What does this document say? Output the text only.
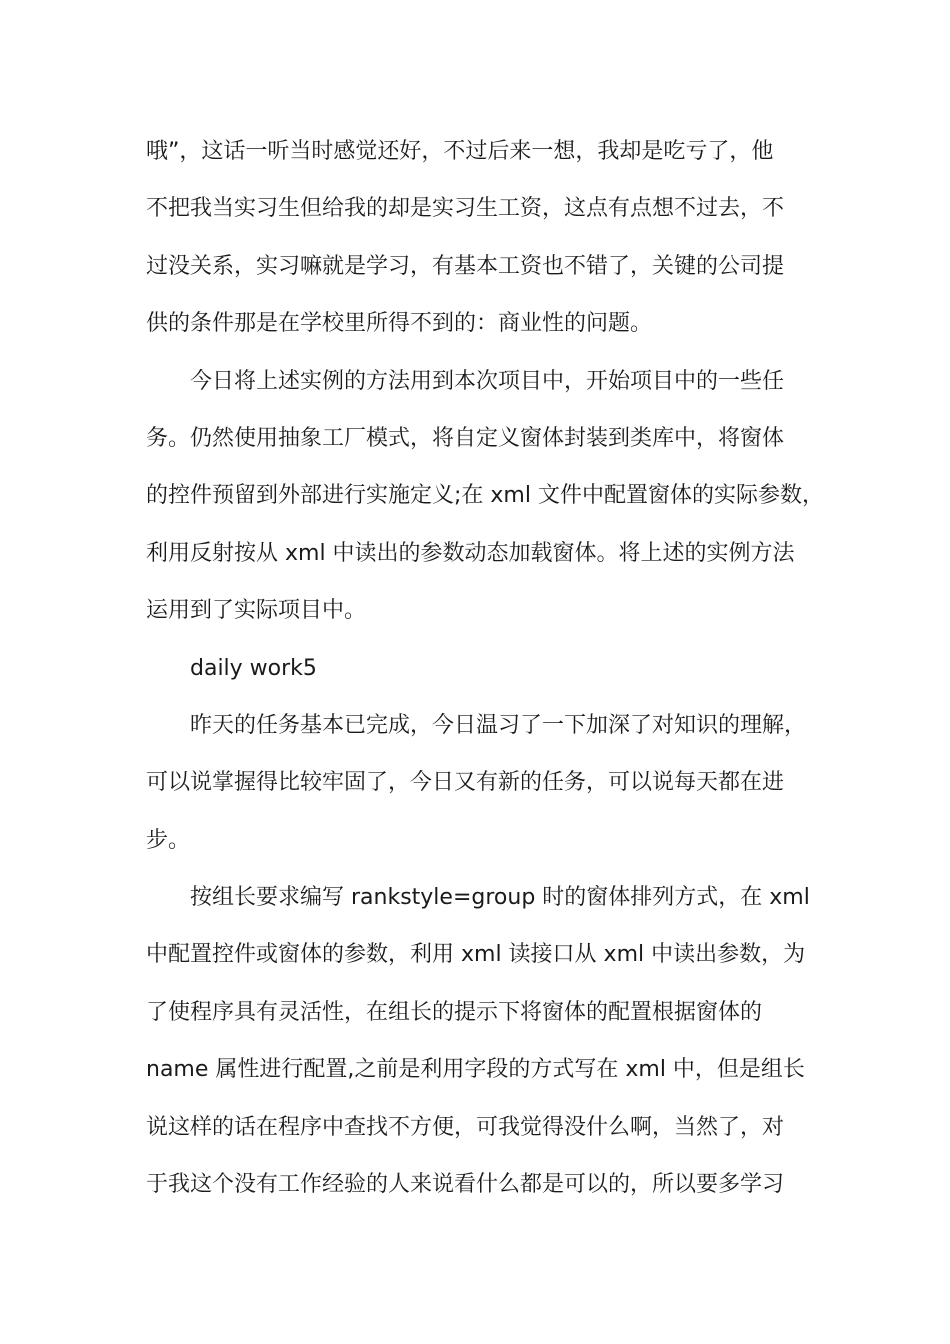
哦”，这话一听当时感觉还好，不过后来一想，我却是吃亏了，他
不把我当实习生但给我的却是实习生工资，这点有点想不过去，不
过没关系，实习嘛就是学习，有基本工资也不错了，关键的公司提
供的条件那是在学校里所得不到的：商业性的问题。
今日将上述实例的方法用到本次项目中，开始项目中的一些任
务。仍然使用抽象工厂模式，将自定义窗体封装到类库中，将窗体
的控件预留到外部进行实施定义;在 xml 文件中配置窗体的实际参数，
利用反射按从 xml 中读出的参数动态加载窗体。将上述的实例方法
运用到了实际项目中。
daily work5
昨天的任务基本已完成，今日温习了一下加深了对知识的理解，
可以说掌握得比较牢固了，今日又有新的任务，可以说每天都在进
步。
按组长要求编写 rankstyle=group 时的窗体排列方式，在 xml
中配置控件或窗体的参数，利用 xml 读接口从 xml 中读出参数，为
了使程序具有灵活性，在组长的提示下将窗体的配置根据窗体的
name 属性进行配置,之前是利用字段的方式写在 xml 中，但是组长
说这样的话在程序中查找不方便，可我觉得没什么啊，当然了，对
于我这个没有工作经验的人来说看什么都是可以的，所以要多学习
